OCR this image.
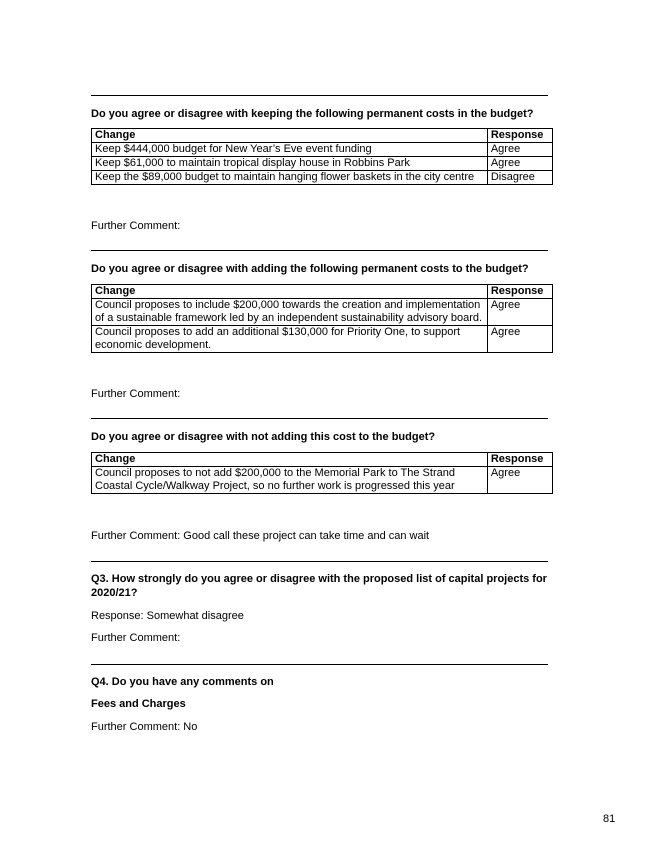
Do you agree or disagree with keeping the following permanent costs in the budget?
Change	Response
Keep $444,000 budget for New Year’s Eve event funding	Agree
Keep $61,000 to maintain tropical display house in Robbins Park	Agree
Keep the $89,000 budget to maintain hanging flower baskets in the city centre	Disagree
Further Comment:
Do you agree or disagree with adding the following permanent costs to the budget?
Change	Response
Council proposes to include $200,000 towards the creation and implementation of a sustainable framework led by an independent sustainability advisory board.	Agree
Council proposes to add an additional $130,000 for Priority One, to support economic development.	Agree
Further Comment:
Do you agree or disagree with not adding this cost to the budget?
Change	Response
Council proposes to not add $200,000 to the Memorial Park to The Strand Coastal Cycle/Walkway Project, so no further work is progressed this year	Agree
Further Comment: Good call these project can take time and can wait
Q3. How strongly do you agree or disagree with the proposed list of capital projects for 2020/21?
Response: Somewhat disagree
Further Comment:
Q4. Do you have any comments on
Fees and Charges
Further Comment: No
81
